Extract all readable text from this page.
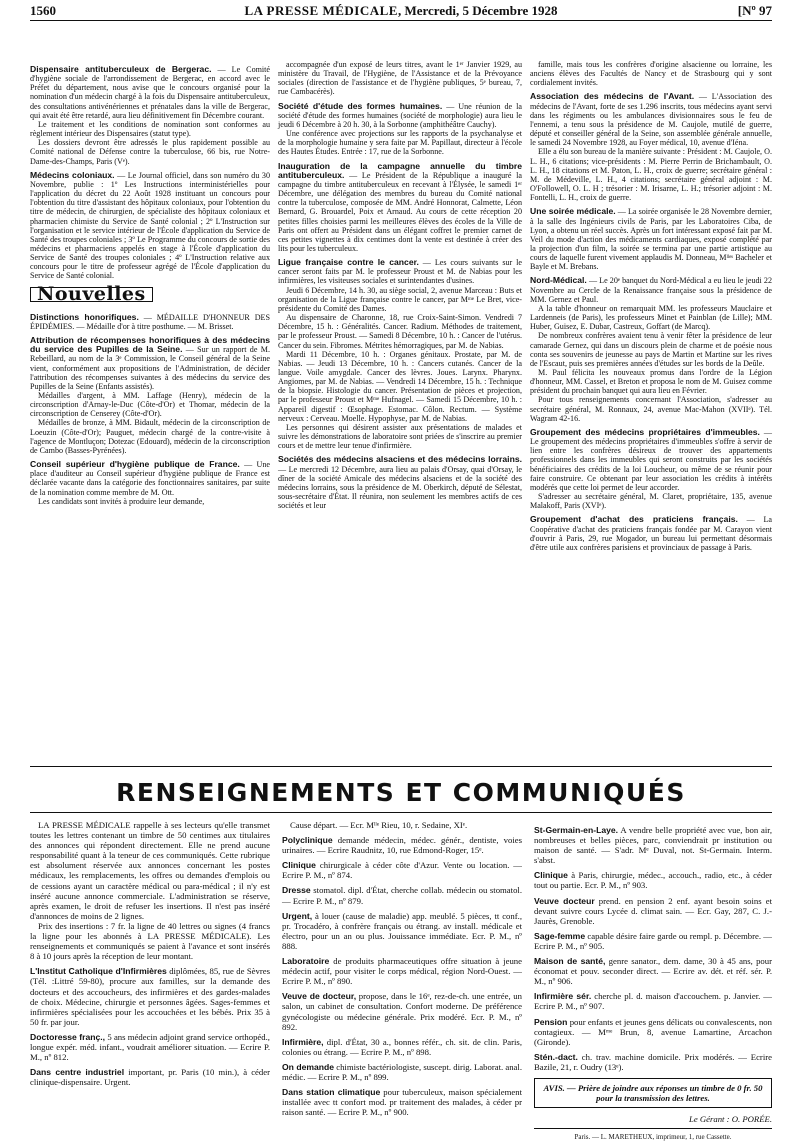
1560	LA PRESSE MÉDICALE, Mercredi, 5 Décembre 1928	[Nº 97

Dispensaire antituberculeux de Bergerac. — Le Comité d'hygiène sociale de l'arrondissement de Bergerac, en accord avec le Préfet du département, nous avise que le concours organisé pour la nomination d'un médecin chargé à la fois du Dispensaire antituberculeux, des consultations antivénériennes et prénatales dans la ville de Bergerac, qui avait été être retardé, aura lieu définitivement fin Décembre courant.

Le traitement et les conditions de nomination sont conformes au règlement intérieur des Dispensaires (statut type).

Les dossiers devront être adressés le plus rapidement possible au Comité national de Défense contre la tuberculose, 66 bis, rue Notre-Dame-des-Champs, Paris (Vᵉ).

Médecins coloniaux. — Le Journal officiel, dans son numéro du 30 Novembre, publie : 1º Les Instructions interministérielles pour l'application du décret du 22 Août 1928 instituant un concours pour l'obtention du titre d'assistant des hôpitaux coloniaux, pour l'obtention du titre de médecin, de chirurgien, de spécialiste des hôpitaux coloniaux et pharmacien chimiste du Service de Santé colonial ; 2º L'Instruction sur l'organisation et le service intérieur de l'École d'application du Service de Santé des troupes coloniales ; 3º Le Programme du concours de sortie des médecins et pharmaciens appelés en stage à l'École d'application du Service de Santé des troupes coloniales ; 4º L'Instruction relative aux concours pour le titre de professeur agrégé de l'École d'application du Service de Santé colonial.

Nouvelles

Distinctions honorifiques. — MÉDAILLE D'HONNEUR DES ÉPIDÉMIES. — Médaille d'or à titre posthume. — M. Brisset.

Attribution de récompenses honorifiques à des médecins du service des Pupilles de la Seine. — Sur un rapport de M. Rebeillard, au nom de la 3ᵉ Commission, le Conseil général de la Seine vient, conformément aux propositions de l'Administration, de décider l'attribution des récompenses suivantes à des médecins du service des Pupilles de la Seine (Enfants assistés).

Médailles d'argent, à MM. Laffage (Henry), médecin de la circonscription d'Arnay-le-Duc (Côte-d'Or) et Thomar, médecin de la circonscription de Censerey (Côte-d'Or).

Médailles de bronze, à MM. Bidault, médecin de la circonscription de Loeuzin (Côte-d'Or); Pauguet, médecin chargé de la contre-visite à l'agence de Montluçon; Dotezac (Edouard), médecin de la circonscription de Cambo (Basses-Pyrénées).

Conseil supérieur d'hygiène publique de France. — Une place d'auditeur au Conseil supérieur d'hygiène publique de France est déclarée vacante dans la catégorie des fonctionnaires sanitaires, par suite de la nomination comme membre de M. Ott.

Les candidats sont invités à produire leur demande,

accompagnée d'un exposé de leurs titres, avant le 1ᵉʳ Janvier 1929, au ministère du Travail, de l'Hygiène, de l'Assistance et de la Prévoyance sociales (direction de l'assistance et de l'hygiène publiques, 5ᵉ bureau, 7, rue Cambacérès).

Société d'étude des formes humaines. — Une réunion de la société d'étude des formes humaines (société de morphologie) aura lieu le jeudi 6 Décembre à 20 h. 30, à la Sorbonne (amphithéâtre Cauchy).

Une conférence avec projections sur les rapports de la psychanalyse et de la morphologie humaine y sera faite par M. Papillaut, directeur à l'école des Hautes Études. Entrée : 17, rue de la Sorbonne.

Inauguration de la campagne annuelle du timbre antituberculeux. — Le Président de la République a inauguré la campagne du timbre antituberculeux en recevant à l'Élysée, le samedi 1ᵉʳ Décembre, une délégation des membres du bureau du Comité national contre la tuberculose, composée de MM. André Honnorat, Calmette, Léon Bernard, G. Brouardel, Poix et Arnaud. Au cours de cette réception 20 petites filles choisies parmi les meilleures élèves des écoles de la Ville de Paris ont offert au Président dans un élégant coffret le premier carnet de ces petites vignettes à dix centimes dont la vente est destinée à créer des lits pour les tuberculeux.

Ligue française contre le cancer. — Les cours suivants sur le cancer seront faits par M. le professeur Proust et M. de Nabias pour les infirmières, les visiteuses sociales et surintendantes d'usines.

Jeudi 6 Décembre, 14 h. 30, au siège social, 2, avenue Marceau : Buts et organisation de la Ligue française contre le cancer, par Mᵐᵉ Le Bret, vice-présidente du Comité des Dames.

Au dispensaire de Charonne, 18, rue Croix-Saint-Simon. Vendredi 7 Décembre, 15 h. : Généralités. Cancer. Radium. Méthodes de traitement, par le professeur Proust. — Samedi 8 Décembre, 10 h. : Cancer de l'utérus. Cancer du sein. Fibromes. Métrites hémorragiques, par M. de Nabias.

Mardi 11 Décembre, 10 h. : Organes génitaux. Prostate, par M. de Nabias. — Jeudi 13 Décembre, 10 h. : Cancers cutanés. Cancer de la langue. Voile amygdale. Cancer des lèvres. Joues. Larynx. Pharynx. Angiomes, par M. de Nabias. — Vendredi 14 Décembre, 15 h. : Technique de la biopsie. Histologie du cancer. Présentation de pièces et projection, par le professeur Proust et Mᵐᵉ Hufnagel. — Samedi 15 Décembre, 10 h. : Appareil digestif : Œsophage. Estomac. Côlon. Rectum. — Système nerveux : Cerveau. Moelle. Hypophyse, par M. de Nabias.

Les personnes qui désirent assister aux présentations de malades et suivre les démonstrations de laboratoire sont priées de s'inscrire au premier cours et de mettre leur tenue d'infirmière.

Sociétés des médecins alsaciens et des médecins lorrains. — Le mercredi 12 Décembre, aura lieu au palais d'Orsay, quai d'Orsay, le dîner de la société Amicale des médecins alsaciens et de la société des médecins lorrains, sous la présidence de M. Oberkirch, député de Sélestat, sous-secrétaire d'État. Il réunira, non seulement les membres actifs de ces sociétés et leur

famille, mais tous les confrères d'origine alsacienne ou lorraine, les anciens élèves des Facultés de Nancy et de Strasbourg qui y sont cordialement invités.

Association des médecins de l'Avant. — L'Association des médecins de l'Avant, forte de ses 1.296 inscrits, tous médecins ayant servi dans les régiments ou les ambulances divisionnaires sous le feu de l'ennemi, a tenu sous la présidence de M. Caujole, mutilé de guerre, député et conseiller général de la Seine, son assemblée générale annuelle, le samedi 24 Novembre 1928, au Foyer médical, 10, avenue d'Iéna.

Elle a élu son bureau de la manière suivante : Président : M. Caujole, O. L. H., 6 citations; vice-présidents : M. Pierre Perrin de Brichambault, O. L. H., 18 citations et M. Paton, L. H., croix de guerre; secrétaire général : M. de Médeville, L. H., 4 citations; secrétaire général adjoint : M. O'Followell, O. L. H ; trésorier : M. Irisarne, L. H.; trésorier adjoint : M. Fontelli, L. H., croix de guerre.

Une soirée médicale. — La soirée organisée le 28 Novembre dernier, à la salle des Ingénieurs civils de Paris, par les Laboratoires Ciba, de Lyon, a obtenu un réel succès. Après un fort intéressant exposé fait par M. Veil du mode d'action des médicaments cardiaques, exposé complété par la projection d'un film, la soirée se termina par une partie artistique au cours de laquelle furent vivement applaudis M. Donneau, Mˡˡᵉˢ Bacheler et Bayle et M. Brebans.

Nord-Médical. — Le 20ᵉ banquet du Nord-Médical a eu lieu le jeudi 22 Novembre au Cercle de la Renaissance française sous la présidence de MM. Gernez et Paul.

A la table d'honneur on remarquait MM. les professeurs Mauclaire et Lardenneis (de Paris), les professeurs Minet et Painblan (de Lille); MM. Huber, Guisez, E. Dubar, Castreux, Goffart (de Marcq).

De nombreux confrères avaient tenu à venir fêter la présidence de leur camarade Gernez, qui dans un discours plein de charme et de poésie nous conta ses souvenirs de jeunesse au pays de Martin et Martine sur les rives de l'Escaut, puis ses premières années d'études sur les bords de la Deûle.

M. Paul félicita les nouveaux promus dans l'ordre de la Légion d'honneur, MM. Cassel, et Breton et proposa le nom de M. Guisez comme président du prochain banquet qui aura lieu en Février.

Pour tous renseignements concernant l'Association, s'adresser au secrétaire général, M. Ronnaux, 24, avenue Mac-Mahon (XVIIᵉ). Tél. Wagram 42-16.

Groupement des médecins propriétaires d'immeubles. — Le groupement des médecins propriétaires d'immeubles s'offre à servir de lien entre les confrères désireux de trouver des appartements professionnels dans les immeubles qui seront construits par les sociétés bénéficiaires des crédits de la loi Loucheur, ou même de se réunir pour faire construire. Ce obtenant par leur association les crédits à intérêts modérés que cette loi permet de leur accorder.

S'adresser au secrétaire général, M. Claret, propriétaire, 135, avenue Malakoff, Paris (XVIᵉ).

Groupement d'achat des praticiens français. — La Coopérative d'achat des praticiens français fondée par M. Carayon vient d'ouvrir à Paris, 29, rue Mogador, un bureau lui permettant désormais d'être utile aux confrères parisiens et provinciaux de passage à Paris.

RENSEIGNEMENTS ET COMMUNIQUÉS

LA PRESSE MÉDICALE rappelle à ses lecteurs qu'elle transmet toutes les lettres contenant un timbre de 50 centimes aux titulaires des annonces qui répondent directement. Elle ne prend aucune responsabilité quant à la teneur de ces communiqués. Cette rubrique est absolument réservée aux annonces concernant les postes médicaux, les remplacements, les offres ou demandes d'emplois ou de cessions ayant un caractère médical ou para-médical ; il n'y est inséré aucune annonce commerciale. L'administration se réserve, après examen, le droit de refuser les insertions. Il n'est pas inséré d'annonces de moins de 2 lignes.

Prix des insertions : 7 fr. la ligne de 40 lettres ou signes (4 francs la ligne pour les abonnés à LA PRESSE MÉDICALE). Les renseignements et communiqués se paient à l'avance et sont insérés 8 à 10 jours après la réception de leur montant.

L'Institut Catholique d'Infirmières diplômées, 85, rue de Sèvres (Tél. :Littré 59-80), procure aux familles, sur la demande des docteurs et des accoucheurs, des infirmières et des gardes-malades de choix. Médecine, chirurgie et personnes âgées. Sages-femmes et infirmières spécialisées pour les accouchées et les bébés. Prix 35 à 50 fr. par jour.

Doctoresse franç., 5 ans médecin adjoint grand service orthopéd., longue expér. méd. infant., voudrait améliorer situation. — Ecrire P. M., nº 812.

Dans centre industriel important, pr. Paris (10 min.), à céder clinique-dispensaire. Urgent.

Cause départ. — Ecr. Mˡˡᵉ Rieu, 10, r. Sedaine, XIᵉ.

Polyclinique demande médecin, médec. génér., dentiste, voies urinaires. — Ecrire Raudnitz, 10, rue Edmond-Roger, 15ᵉ.

Clinique chirurgicale à céder côte d'Azur. Vente ou location. — Ecrire P. M., nº 874.

Dresse stomatol. dipl. d'État, cherche collab. médecin ou stomatol. — Ecrire P. M., nº 879.

Urgent, à louer (cause de maladie) app. meublé. 5 pièces, tt conf., pr. Trocadéro, à confrère français ou étrang. av install. médicale et électro, pour un an ou plus. Jouissance immédiate. Ecr. P. M., nº 888.

Laboratoire de produits pharmaceutiques offre situation à jeune médecin actif, pour visiter le corps médical, région Nord-Ouest. — Ecrire P. M., nº 890.

Veuve de docteur, propose, dans le 16ᵉ, rez-de-ch. une entrée, un salon, un cabinet de consultation. Confort moderne. De préférence gynécologiste ou médecine générale. Prix modéré. Ecr. P. M., nº 892.

Infirmière, dipl. d'État, 30 a., bonnes référ., ch. sit. de clin. Paris, colonies ou étrang. — Ecrire P. M., nº 898.

On demande chimiste bactériologiste, suscept. dirig. Laborat. anal. médic. — Ecrire P. M., nº 899.

Dans station climatique pour tuberculeux, maison spécialement installée avec tt confort mod. pr traitement des malades, à céder pr raison santé. — Ecrire P. M., nº 900.

St-Germain-en-Laye. A vendre belle propriété avec vue, bon air, nombreuses et belles pièces, parc, conviendrait pr institution ou maison de santé. — S'adr. Mᵉ Duval, not. St-Germain. Interm. s'abst.

Clinique à Paris, chirurgie, médec., accouch., radio, etc., à céder tout ou partie. Ecr. P. M., nº 903.

Veuve docteur prend. en pension 2 enf. ayant besoin soins et devant suivre cours Lycée d. climat sain. — Ecr. Gay, 287, C. J.-Jaurès, Grenoble.

Sage-femme capable désire faire garde ou rempl. p. Décembre. — Ecrire P. M., nº 905.

Maison de santé, genre sanator., dem. dame, 30 à 45 ans, pour économat et pouv. seconder direct. — Ecrire av. dét. et réf. sér. P. M., nº 906.

Infirmière sér. cherche pl. d. maison d'accouchem. p. Janvier. — Ecrire P. M., nº 907.

Pension pour enfants et jeunes gens délicats ou convalescents, non contagieux. — Mᵐᵉ Brun, 8, avenue Lamartine, Arcachon (Gironde).

Stén.-dact. ch. trav. machine domicile. Prix modérés. — Ecrire Bazile, 21, r. Oudry (13ᵉ).

AVIS. — Prière de joindre aux réponses un timbre de 0 fr. 50 pour la transmission des lettres.
Le Gérant : O. PORÉE.
Paris. — L. MARETHEUX, imprimeur, 1, rue Cassette.
